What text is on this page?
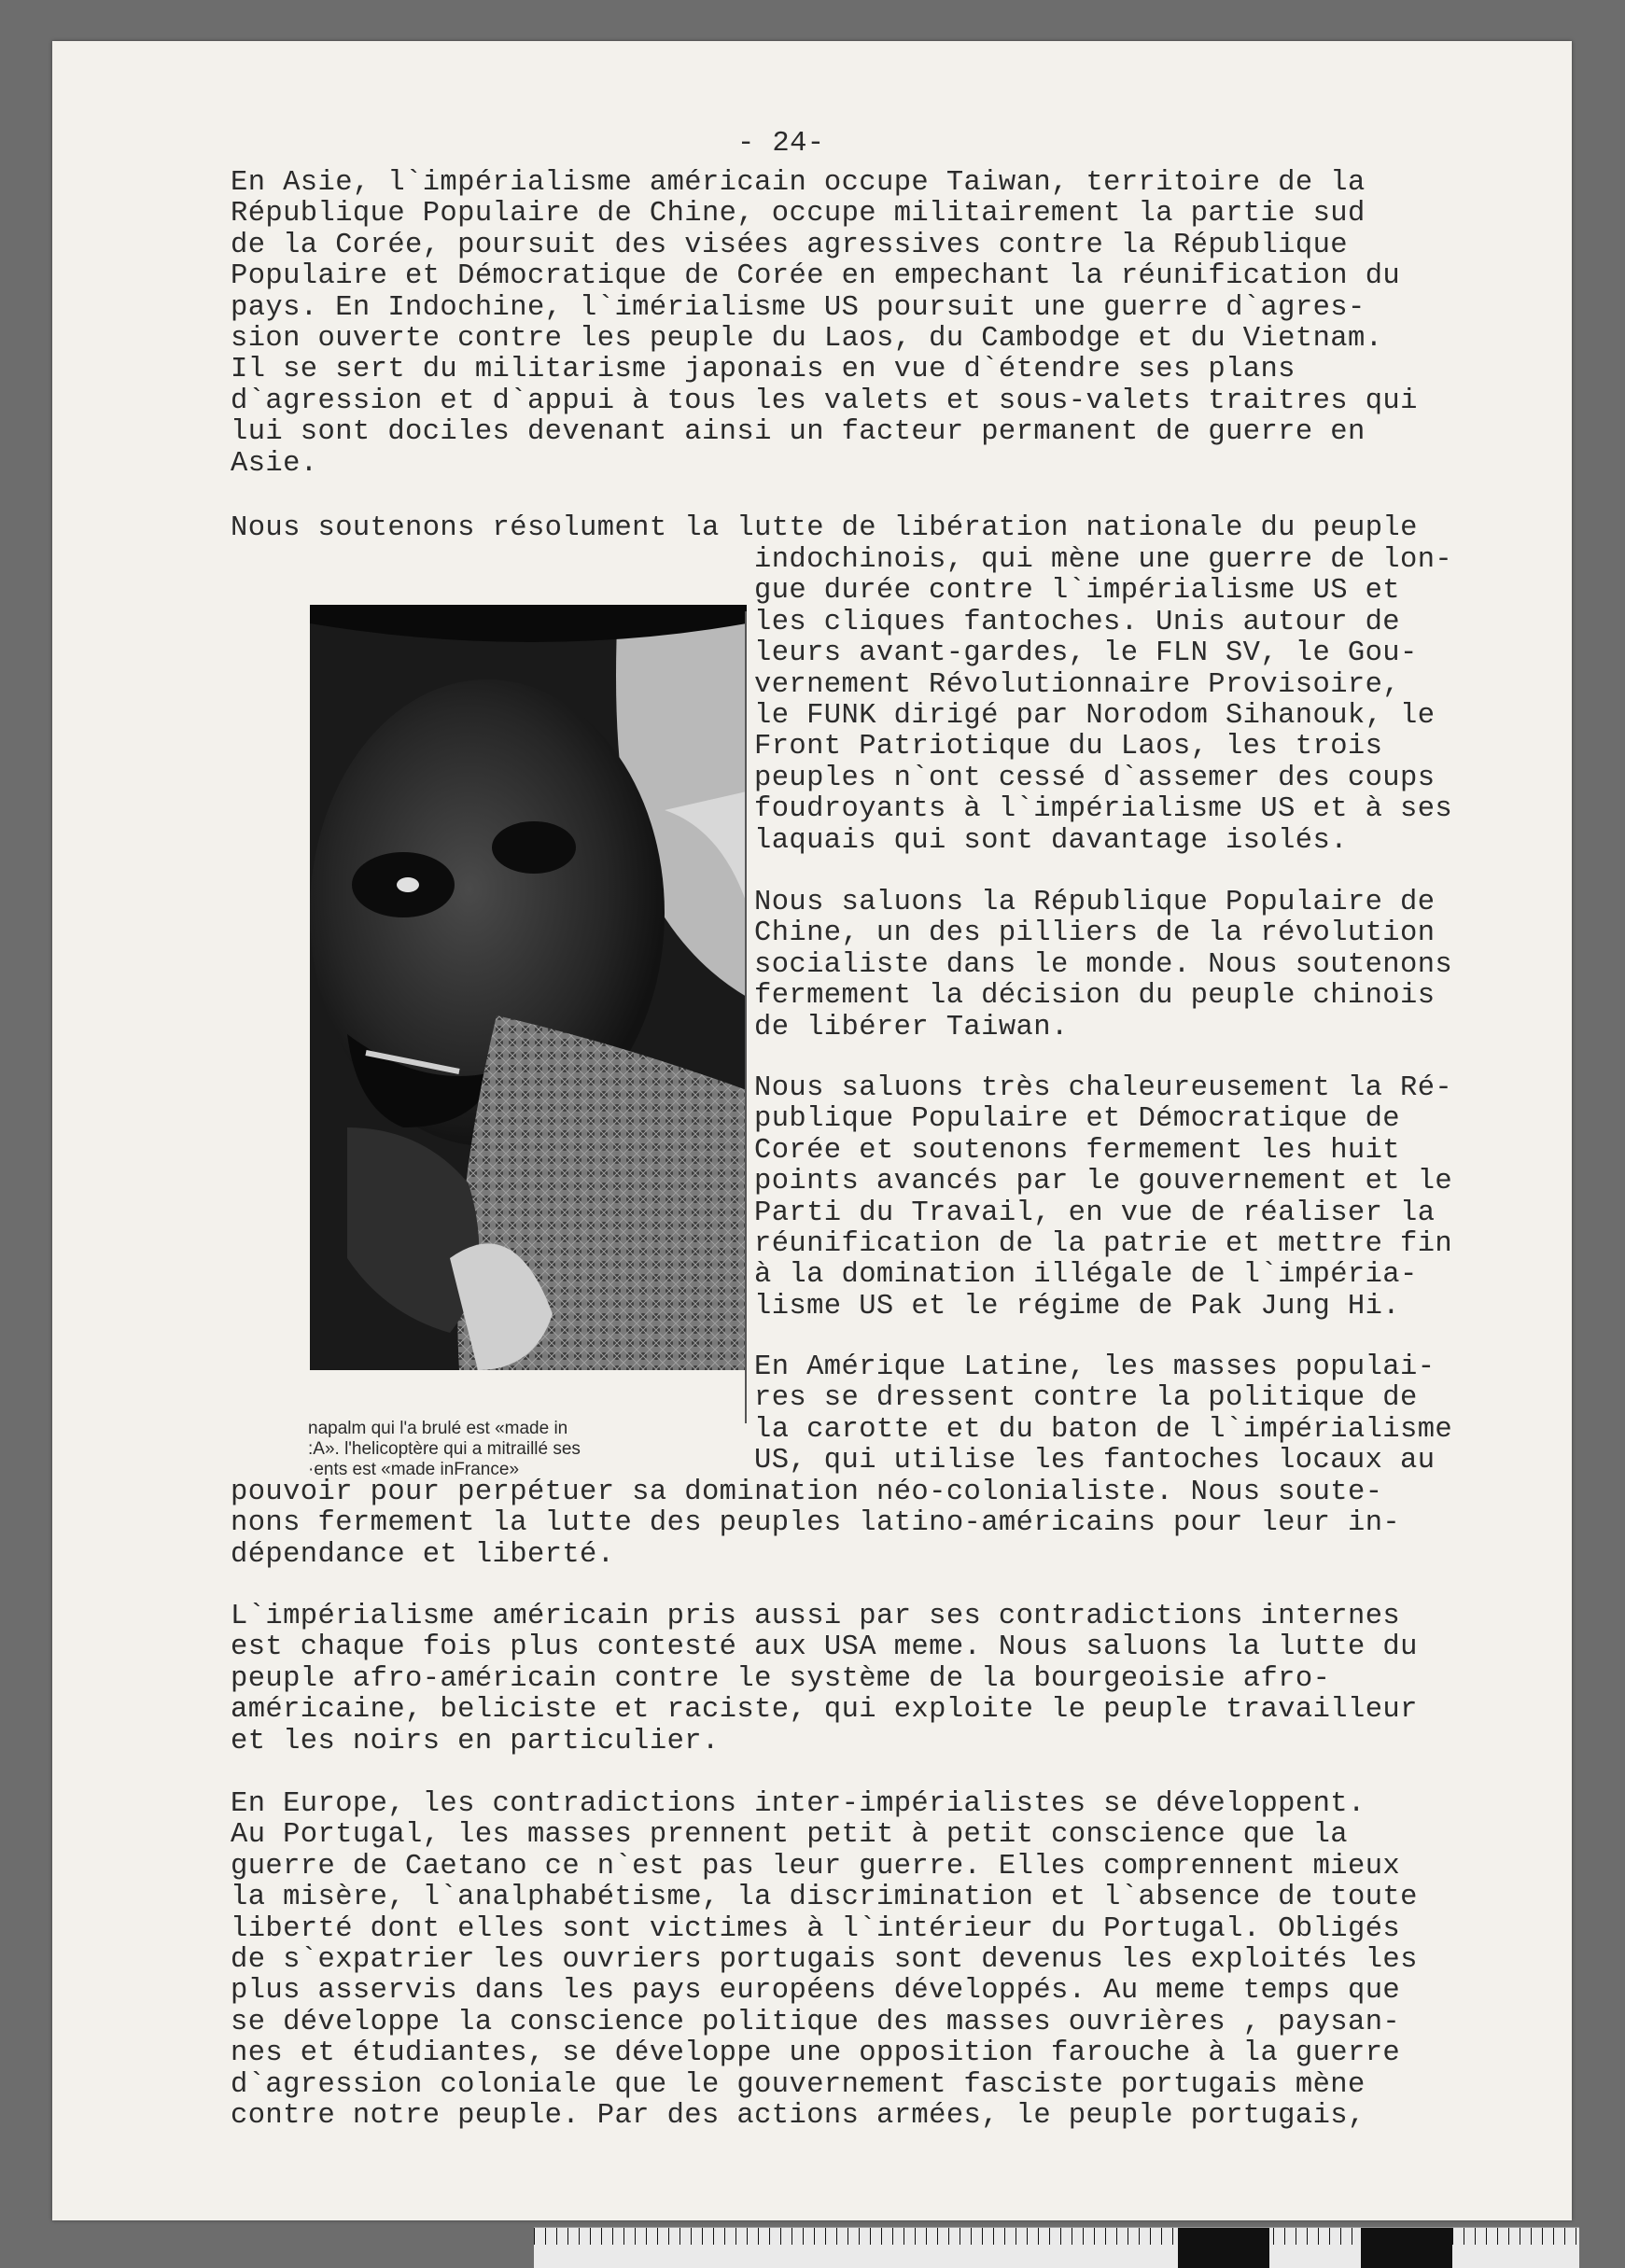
- 24-

En Asie, l`impérialisme américain occupe Taiwan, territoire de la
République Populaire de Chine, occupe militairement la partie sud
de la Corée, poursuit des visées agressives contre la République
Populaire et Démocratique de Corée en empechant la réunification du
pays. En Indochine, l`imérialisme US poursuit une guerre d`agres-
sion ouverte contre les peuple du Laos, du Cambodge et du Vietnam.
Il se sert du militarisme japonais en vue d`étendre ses plans
d`agression et d`appui à tous les valets et sous-valets traitres qui
lui sont dociles devenant ainsi un facteur permanent de guerre en
Asie.

Nous soutenons résolument la lutte de libération nationale du peuple

indochinois, qui mène une guerre de lon-
gue durée contre l`impérialisme US et
les cliques fantoches. Unis autour de
leurs avant-gardes, le FLN SV, le Gou-
vernement Révolutionnaire Provisoire,
le FUNK dirigé par Norodom Sihanouk, le
Front Patriotique du Laos, les trois
peuples n`ont cessé d`assemer des coups
foudroyants à l`impérialisme US et à ses
laquais qui sont davantage isolés.

Nous saluons la République Populaire de
Chine, un des pilliers de la révolution
socialiste dans le monde. Nous soutenons
fermement la décision du peuple chinois
de libérer Taiwan.

Nous saluons très chaleureusement la Ré-
publique Populaire et Démocratique de
Corée et soutenons fermement les huit
points avancés par le gouvernement et le
Parti du Travail, en vue de réaliser la
réunification de la patrie et mettre fin
à la domination illégale de l`impéria-
lisme US et le régime de Pak Jung Hi.

En Amérique Latine, les masses populai-
res se dressent contre la politique de
la carotte et du baton de l`impérialisme
US, qui utilise les fantoches locaux au

napalm qui l'a brulé est «made in
:A». l'helicoptère qui a mitraillé ses
·ents est «made inFrance»

pouvoir pour perpétuer sa domination néo-colonialiste. Nous soute-
nons fermement la lutte des peuples latino-américains pour leur in-
dépendance et liberté.

L`impérialisme américain pris aussi par ses contradictions internes
est chaque fois plus contesté aux USA meme. Nous saluons la lutte du
peuple afro-américain contre le système de la bourgeoisie afro-
américaine, beliciste et raciste, qui exploite le peuple travailleur
et les noirs en particulier.

En Europe, les contradictions inter-impérialistes se développent.
Au Portugal, les masses prennent petit à petit conscience que la
guerre de Caetano ce n`est pas leur guerre. Elles comprennent mieux
la misère, l`analphabétisme, la discrimination et l`absence de toute
liberté dont elles sont victimes à l`intérieur du Portugal. Obligés
de s`expatrier les ouvriers portugais sont devenus les exploités les
plus asservis dans les pays européens développés. Au meme temps que
se développe la conscience politique des masses ouvrières , paysan-
nes et étudiantes, se développe une opposition farouche à la guerre
d`agression coloniale que le gouvernement fasciste portugais mène
contre notre peuple. Par des actions armées, le peuple portugais,
